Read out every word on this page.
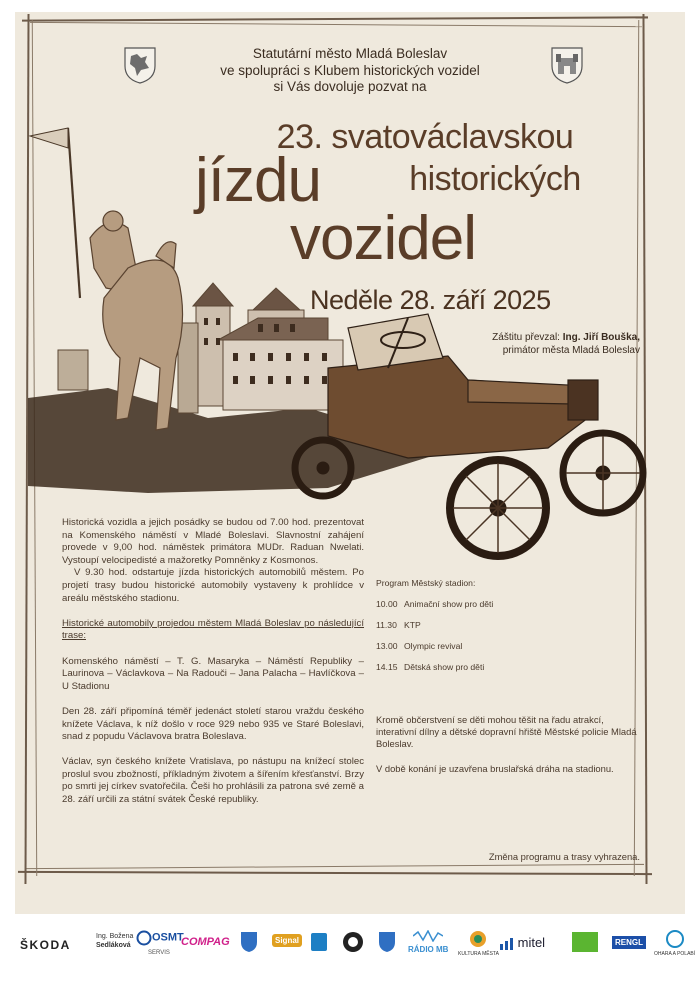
Statutární město Mladá Boleslav
ve spolupráci s Klubem historických vozidel
si Vás dovoluje pozvat na
23. svatováclavskou
historických
jízdu
vozidel
Neděle 28. září 2025
Záštitu převzal: Ing. Jiří Bouška,
primátor města Mladá Boleslav

Historická vozidla a jejich posádky se budou od 7.00 hod. prezentovat na Komenského náměstí v Mladé Boleslavi. Slavnostní zahájení provede v 9,00 hod. náměstek primátora MUDr. Raduan Nwelati. Vystoupí velocipedisté a mažoretky Pomněnky z Kosmonos.

V 9.30 hod. odstartuje jízda historických automobilů městem. Po projetí trasy budou historické automobily vystaveny k prohlídce v areálu městského stadionu.

Historické automobily projedou městem Mladá Boleslav po následující trase:

Komenského náměstí – T. G. Masaryka – Náměstí Republiky – Laurinova – Václavkova – Na Radouči – Jana Palacha – Havlíčkova – U Stadionu

Den 28. září připomíná téměř jedenáct století starou vraždu českého knížete Václava, k níž došlo v roce 929 nebo 935 ve Staré Boleslavi, snad z popudu Václavova bratra Boleslava.

Václav, syn českého knížete Vratislava, po nástupu na knížecí stolec proslul svou zbožností, příkladným životem a šířením křesťanství. Brzy po smrti jej církev svatořečila. Češi ho prohlásili za patrona své země a 28. září určili za státní svátek České republiky.

Program Městský stadion:
10.00 Animační show pro děti
11.30 KTP
13.00 Olympic revival
14.15 Dětská show pro děti

Kromě občerstvení se děti mohou těšit na řadu atrakcí, interativní dílny a dětské dopravní hřiště Městské policie Mladá Boleslav.

V době konání je uzavřena bruslařská dráha na stadionu.

Změna programu a trasy vyhrazena.
ŠKODA
Ing. Božena
Sedláková
OSMT
SERVIS
COMPAG	Signal

RÁDIO MB KULTURA MĚSTA
mitel	RENGL

OHARA A POLABÍ
